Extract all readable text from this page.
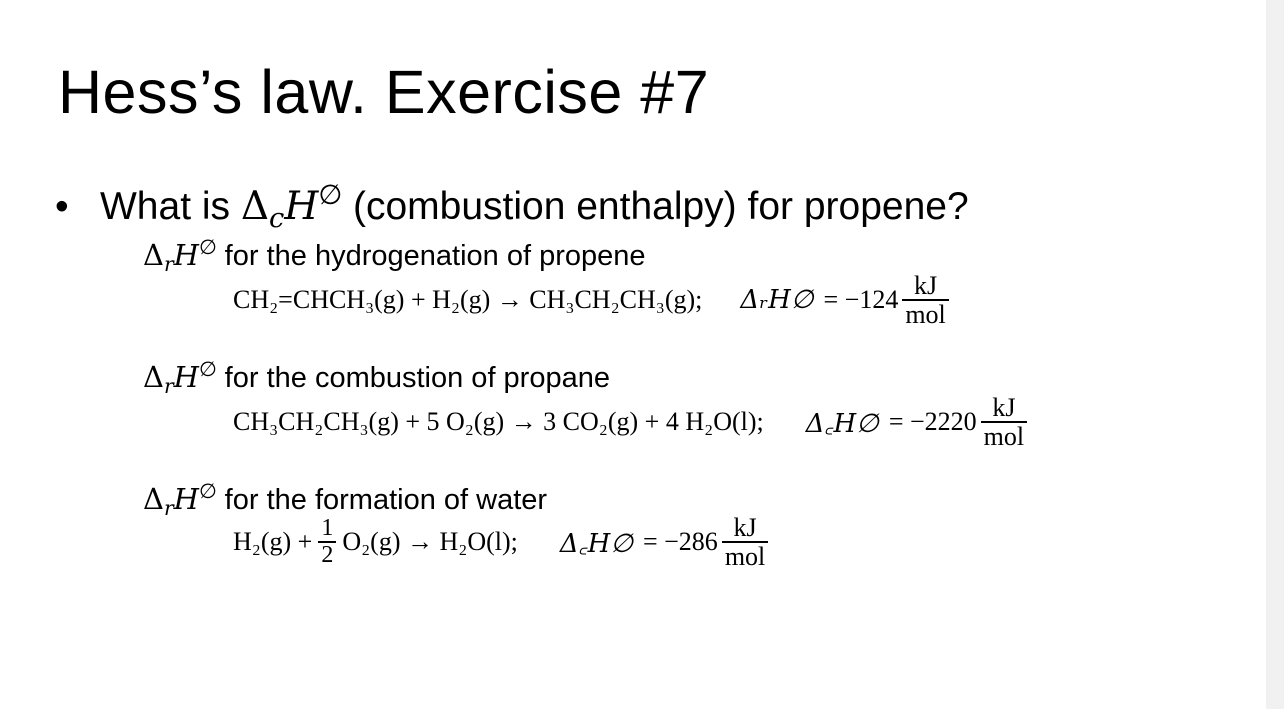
Hess’s law. Exercise #7
• What is $\Delta_cH^\emptyset$ (combustion enthalpy) for propene?
$\Delta_rH^\emptyset$ for the hydrogenation of propene
CH₂=CHCH₃(g) + H₂(g) → CH₃CH₂CH₃(g); ΔᵣH∅ = $-124 \frac{kJ}{\text{mol}}$
$\Delta_rH^\emptyset$ for the combustion of propane
CH₃CH₂CH₃(g) + 5 O₂(g) → 3 CO₂(g) + 4 H₂O(l); Δ꜀H∅ = $-2220 \frac{kJ}{\text{mol}}$
$\Delta_rH^\emptyset$ for the formation of water
$H_2(g) + \frac{1}{2} O_2(g) \to H_2O(l)$; Δ꜀H∅ = $-286 \frac{kJ}{\text{mol}}$
